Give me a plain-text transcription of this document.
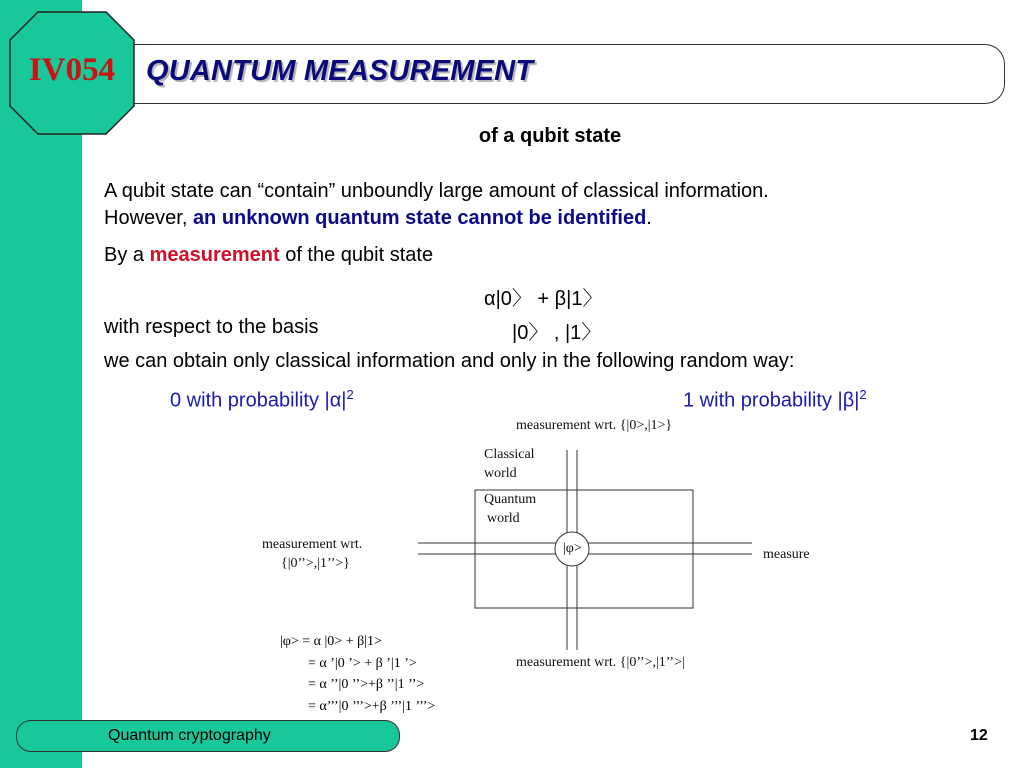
IV054	QUANTUM MEASUREMENT
of a qubit state
A qubit state can “contain” unboundly large amount of classical information.
However, an unknown quantum state cannot be identified.
By a measurement of the qubit state
α|0〉 + β|1〉
with respect to the basis	|0〉 , |1〉
we can obtain only classical information and only in the following random way:
0 with probability $|\alpha|^2$	1 with probability $|\beta|^2$
measurement wrt. {|0>,|1>}
Classical
world
Quantum
world
|φ>
measurement wrt.
{|0’’>,|1’’>}
measure
measurement wrt. {|0’’>,|1’’>|
|φ> = α |0> + β|1>
= α ’|0 ’> + β ’|1 ’>
= α ’’|0 ’’>+β ’’|1 ’’>
= α’’’|0 ’’’>+β ’’’|1 ’’’>
Quantum cryptography	12
